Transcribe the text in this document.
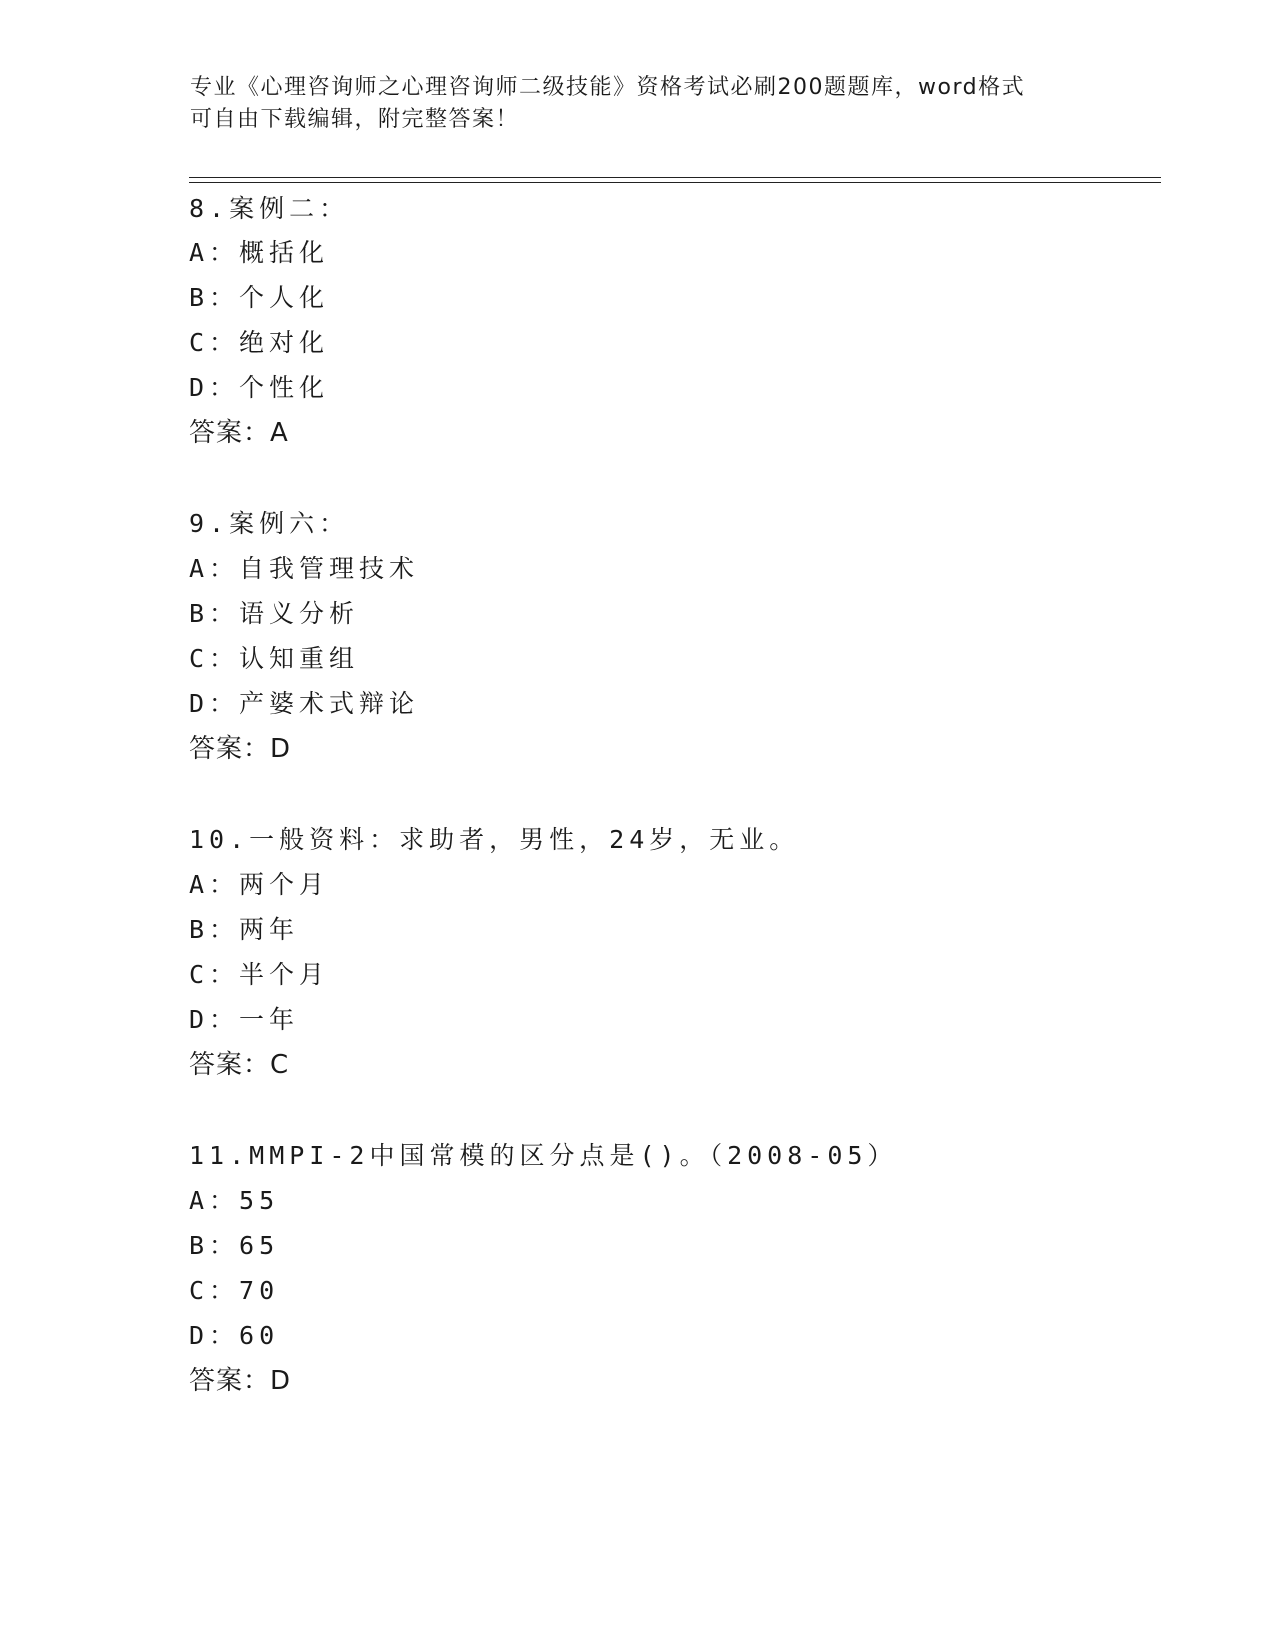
专业《心理咨询师之心理咨询师二级技能》资格考试必刷200题题库，word格式
可自由下载编辑，附完整答案！
8.案例二：
A：概括化
B：个人化
C：绝对化
D：个性化
答案：A
9.案例六：
A：自我管理技术
B：语义分析
C：认知重组
D：产婆术式辩论
答案：D
10.一般资料：求助者，男性，24岁，无业。
A：两个月
B：两年
C：半个月
D：一年
答案：C
11.MMPI-2中国常模的区分点是()。（2008-05）
A：55
B：65
C：70
D：60
答案：D
